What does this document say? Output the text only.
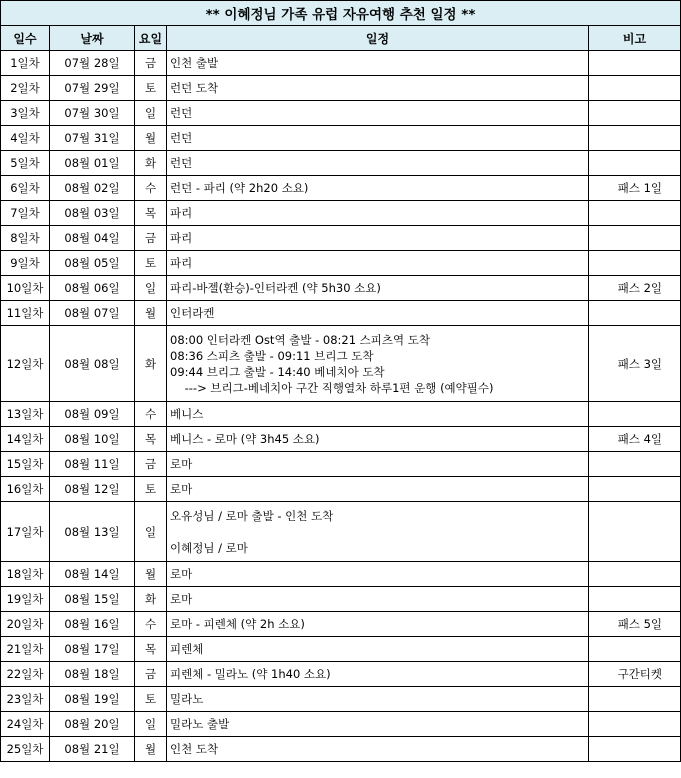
** 이혜정님 가족 유럽 자유여행 추천 일정 **				
일수	날짜	요일	일정	비고
1일차	07월 28일	금	인천 출발	

2일차	07월 29일	토	런던 도착	

3일차	07월 30일	일	런던	

4일차	07월 31일	월	런던	

5일차	08월 01일	화	런던	

6일차	08월 02일	수	런던 - 파리 (약 2h20 소요)	패스 1일
7일차	08월 03일	목	파리	

8일차	08월 04일	금	파리	

9일차	08월 05일	토	파리	

10일차	08월 06일	일	파리-바젤(환승)-인터라켄 (약 5h30 소요)	패스 2일
11일차	08월 07일	월	인터라켄	

12일차	08월 08일	화	08:00 인터라켄 Ost역 출발 - 08:21 스피츠역 도착
08:36 스피츠 출발 - 09:11 브리그 도착
09:44 브리그 출발 - 14:40 베네치아 도착
---> 브리그-베네치아 구간 직행열차 하루1편 운행 (예약필수)	패스 3일
13일차	08월 09일	수	베니스	

14일차	08월 10일	목	베니스 - 로마 (약 3h45 소요)	패스 4일
15일차	08월 11일	금	로마	

16일차	08월 12일	토	로마	

17일차	08월 13일	일	오유성님 / 로마 출발 - 인천 도착
이혜정님 / 로마	

18일차	08월 14일	월	로마	

19일차	08월 15일	화	로마	

20일차	08월 16일	수	로마 - 피렌체 (약 2h 소요)	패스 5일
21일차	08월 17일	목	피렌체	

22일차	08월 18일	금	피렌체 - 밀라노 (약 1h40 소요)	구간티켓
23일차	08월 19일	토	밀라노	

24일차	08월 20일	일	밀라노 출발	

25일차	08월 21일	월	인천 도착	
